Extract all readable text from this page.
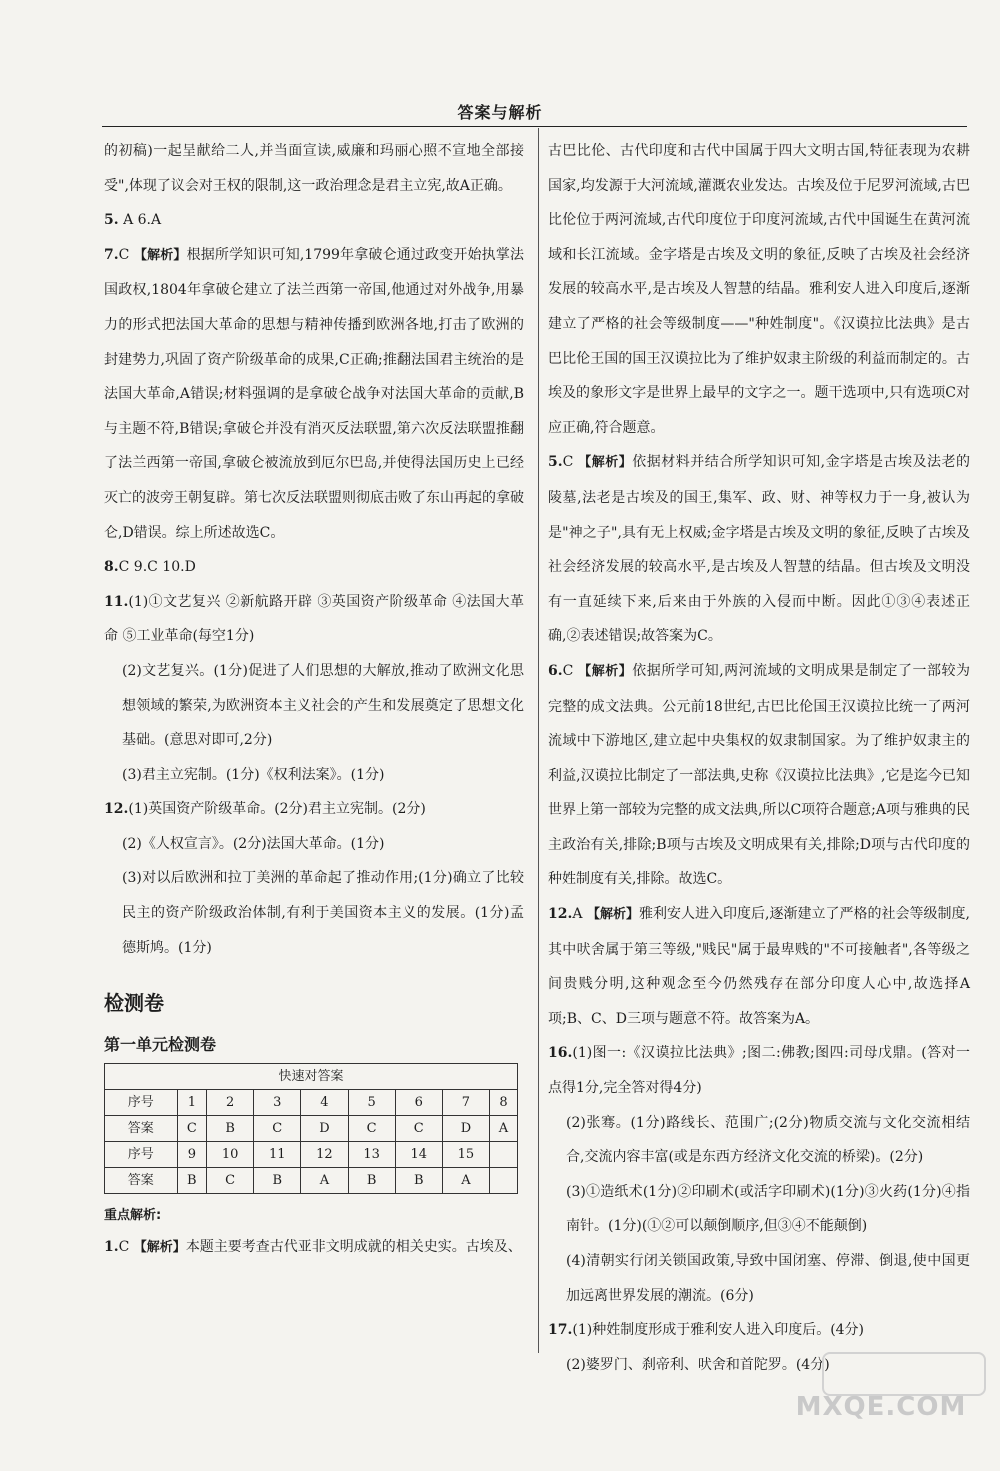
答案与解析

的初稿)一起呈献给二人,并当面宣读,威廉和玛丽心照不宣地全部接受",体现了议会对王权的限制,这一政治理念是君主立宪,故A正确。

5. A 6.A

7.C 【解析】根据所学知识可知,1799年拿破仑通过政变开始执掌法国政权,1804年拿破仑建立了法兰西第一帝国,他通过对外战争,用暴力的形式把法国大革命的思想与精神传播到欧洲各地,打击了欧洲的封建势力,巩固了资产阶级革命的成果,C正确;推翻法国君主统治的是法国大革命,A错误;材料强调的是拿破仑战争对法国大革命的贡献,B与主题不符,B错误;拿破仑并没有消灭反法联盟,第六次反法联盟推翻了法兰西第一帝国,拿破仑被流放到厄尔巴岛,并使得法国历史上已经灭亡的波旁王朝复辟。第七次反法联盟则彻底击败了东山再起的拿破仑,D错误。综上所述故选C。

8.C 9.C 10.D

11.(1)①文艺复兴 ②新航路开辟 ③英国资产阶级革命 ④法国大革命 ⑤工业革命(每空1分)

(2)文艺复兴。(1分)促进了人们思想的大解放,推动了欧洲文化思想领域的繁荣,为欧洲资本主义社会的产生和发展奠定了思想文化基础。(意思对即可,2分)

(3)君主立宪制。(1分)《权利法案》。(1分)

12.(1)英国资产阶级革命。(2分)君主立宪制。(2分)

(2)《人权宣言》。(2分)法国大革命。(1分)

(3)对以后欧洲和拉丁美洲的革命起了推动作用;(1分)确立了比较民主的资产阶级政治体制,有利于美国资本主义的发展。(1分)孟德斯鸠。(1分)

检测卷
第一单元检测卷
快速对答案								
序号	1	2	3	4	5	6	7	8
答案	C	B	C	D	C	C	D	A
序号	9	10	11	12	13	14	15	
答案	B	C	B	A	B	B	A	

重点解析:

1.C 【解析】本题主要考查古代亚非文明成就的相关史实。古埃及、

古巴比伦、古代印度和古代中国属于四大文明古国,特征表现为农耕国家,均发源于大河流域,灌溉农业发达。古埃及位于尼罗河流域,古巴比伦位于两河流域,古代印度位于印度河流域,古代中国诞生在黄河流域和长江流域。金字塔是古埃及文明的象征,反映了古埃及社会经济发展的较高水平,是古埃及人智慧的结晶。雅利安人进入印度后,逐渐建立了严格的社会等级制度——"种姓制度"。《汉谟拉比法典》是古巴比伦王国的国王汉谟拉比为了维护奴隶主阶级的利益而制定的。古埃及的象形文字是世界上最早的文字之一。题干选项中,只有选项C对应正确,符合题意。

5.C 【解析】依据材料并结合所学知识可知,金字塔是古埃及法老的陵墓,法老是古埃及的国王,集军、政、财、神等权力于一身,被认为是"神之子",具有无上权威;金字塔是古埃及文明的象征,反映了古埃及社会经济发展的较高水平,是古埃及人智慧的结晶。但古埃及文明没有一直延续下来,后来由于外族的入侵而中断。因此①③④表述正确,②表述错误;故答案为C。

6.C 【解析】依据所学可知,两河流域的文明成果是制定了一部较为完整的成文法典。公元前18世纪,古巴比伦国王汉谟拉比统一了两河流域中下游地区,建立起中央集权的奴隶制国家。为了维护奴隶主的利益,汉谟拉比制定了一部法典,史称《汉谟拉比法典》,它是迄今已知世界上第一部较为完整的成文法典,所以C项符合题意;A项与雅典的民主政治有关,排除;B项与古埃及文明成果有关,排除;D项与古代印度的种姓制度有关,排除。故选C。

12.A 【解析】雅利安人进入印度后,逐渐建立了严格的社会等级制度,其中吠舍属于第三等级,"贱民"属于最卑贱的"不可接触者",各等级之间贵贱分明,这种观念至今仍然残存在部分印度人心中,故选择A项;B、C、D三项与题意不符。故答案为A。

16.(1)图一:《汉谟拉比法典》;图二:佛教;图四:司母戊鼎。(答对一点得1分,完全答对得4分)

(2)张骞。(1分)路线长、范围广;(2分)物质交流与文化交流相结合,交流内容丰富(或是东西方经济文化交流的桥梁)。(2分)

(3)①造纸术(1分)②印刷术(或活字印刷术)(1分)③火药(1分)④指南针。(1分)(①②可以颠倒顺序,但③④不能颠倒)

(4)清朝实行闭关锁国政策,导致中国闭塞、停滞、倒退,使中国更加远离世界发展的潮流。(6分)

17.(1)种姓制度形成于雅利安人进入印度后。(4分)

(2)婆罗门、刹帝利、吠舍和首陀罗。(4分)

MXQE.COM
